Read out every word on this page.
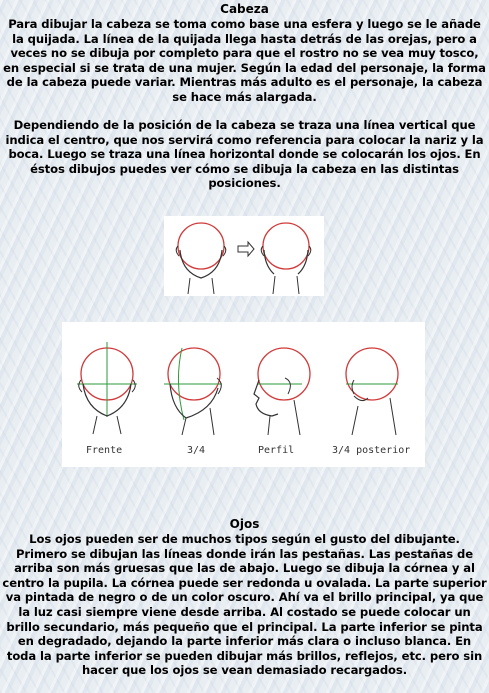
Cabeza
Para dibujar la cabeza se toma como base una esfera y luego se le añade la quijada. La línea de la quijada llega hasta detrás de las orejas, pero a veces no se dibuja por completo para que el rostro no se vea muy tosco, en especial si se trata de una mujer. Según la edad del personaje, la forma de la cabeza puede variar. Mientras más adulto es el personaje, la cabeza se hace más alargada.
Dependiendo de la posición de la cabeza se traza una línea vertical que indica el centro, que nos servirá como referencia para colocar la nariz y la boca. Luego se traza una línea horizontal donde se colocarán los ojos. En éstos dibujos puedes ver cómo se dibuja la cabeza en las distintas posiciones.
Frente	3/4	Perfil	3/4 posterior
Ojos
Los ojos pueden ser de muchos tipos según el gusto del dibujante. Primero se dibujan las líneas donde irán las pestañas. Las pestañas de arriba son más gruesas que las de abajo. Luego se dibuja la córnea y al centro la pupila. La córnea puede ser redonda u ovalada. La parte superior va pintada de negro o de un color oscuro. Ahí va el brillo principal, ya que la luz casi siempre viene desde arriba. Al costado se puede colocar un brillo secundario, más pequeño que el principal. La parte inferior se pinta en degradado, dejando la parte inferior más clara o incluso blanca. En toda la parte inferior se pueden dibujar más brillos, reflejos, etc. pero sin hacer que los ojos se vean demasiado recargados.
